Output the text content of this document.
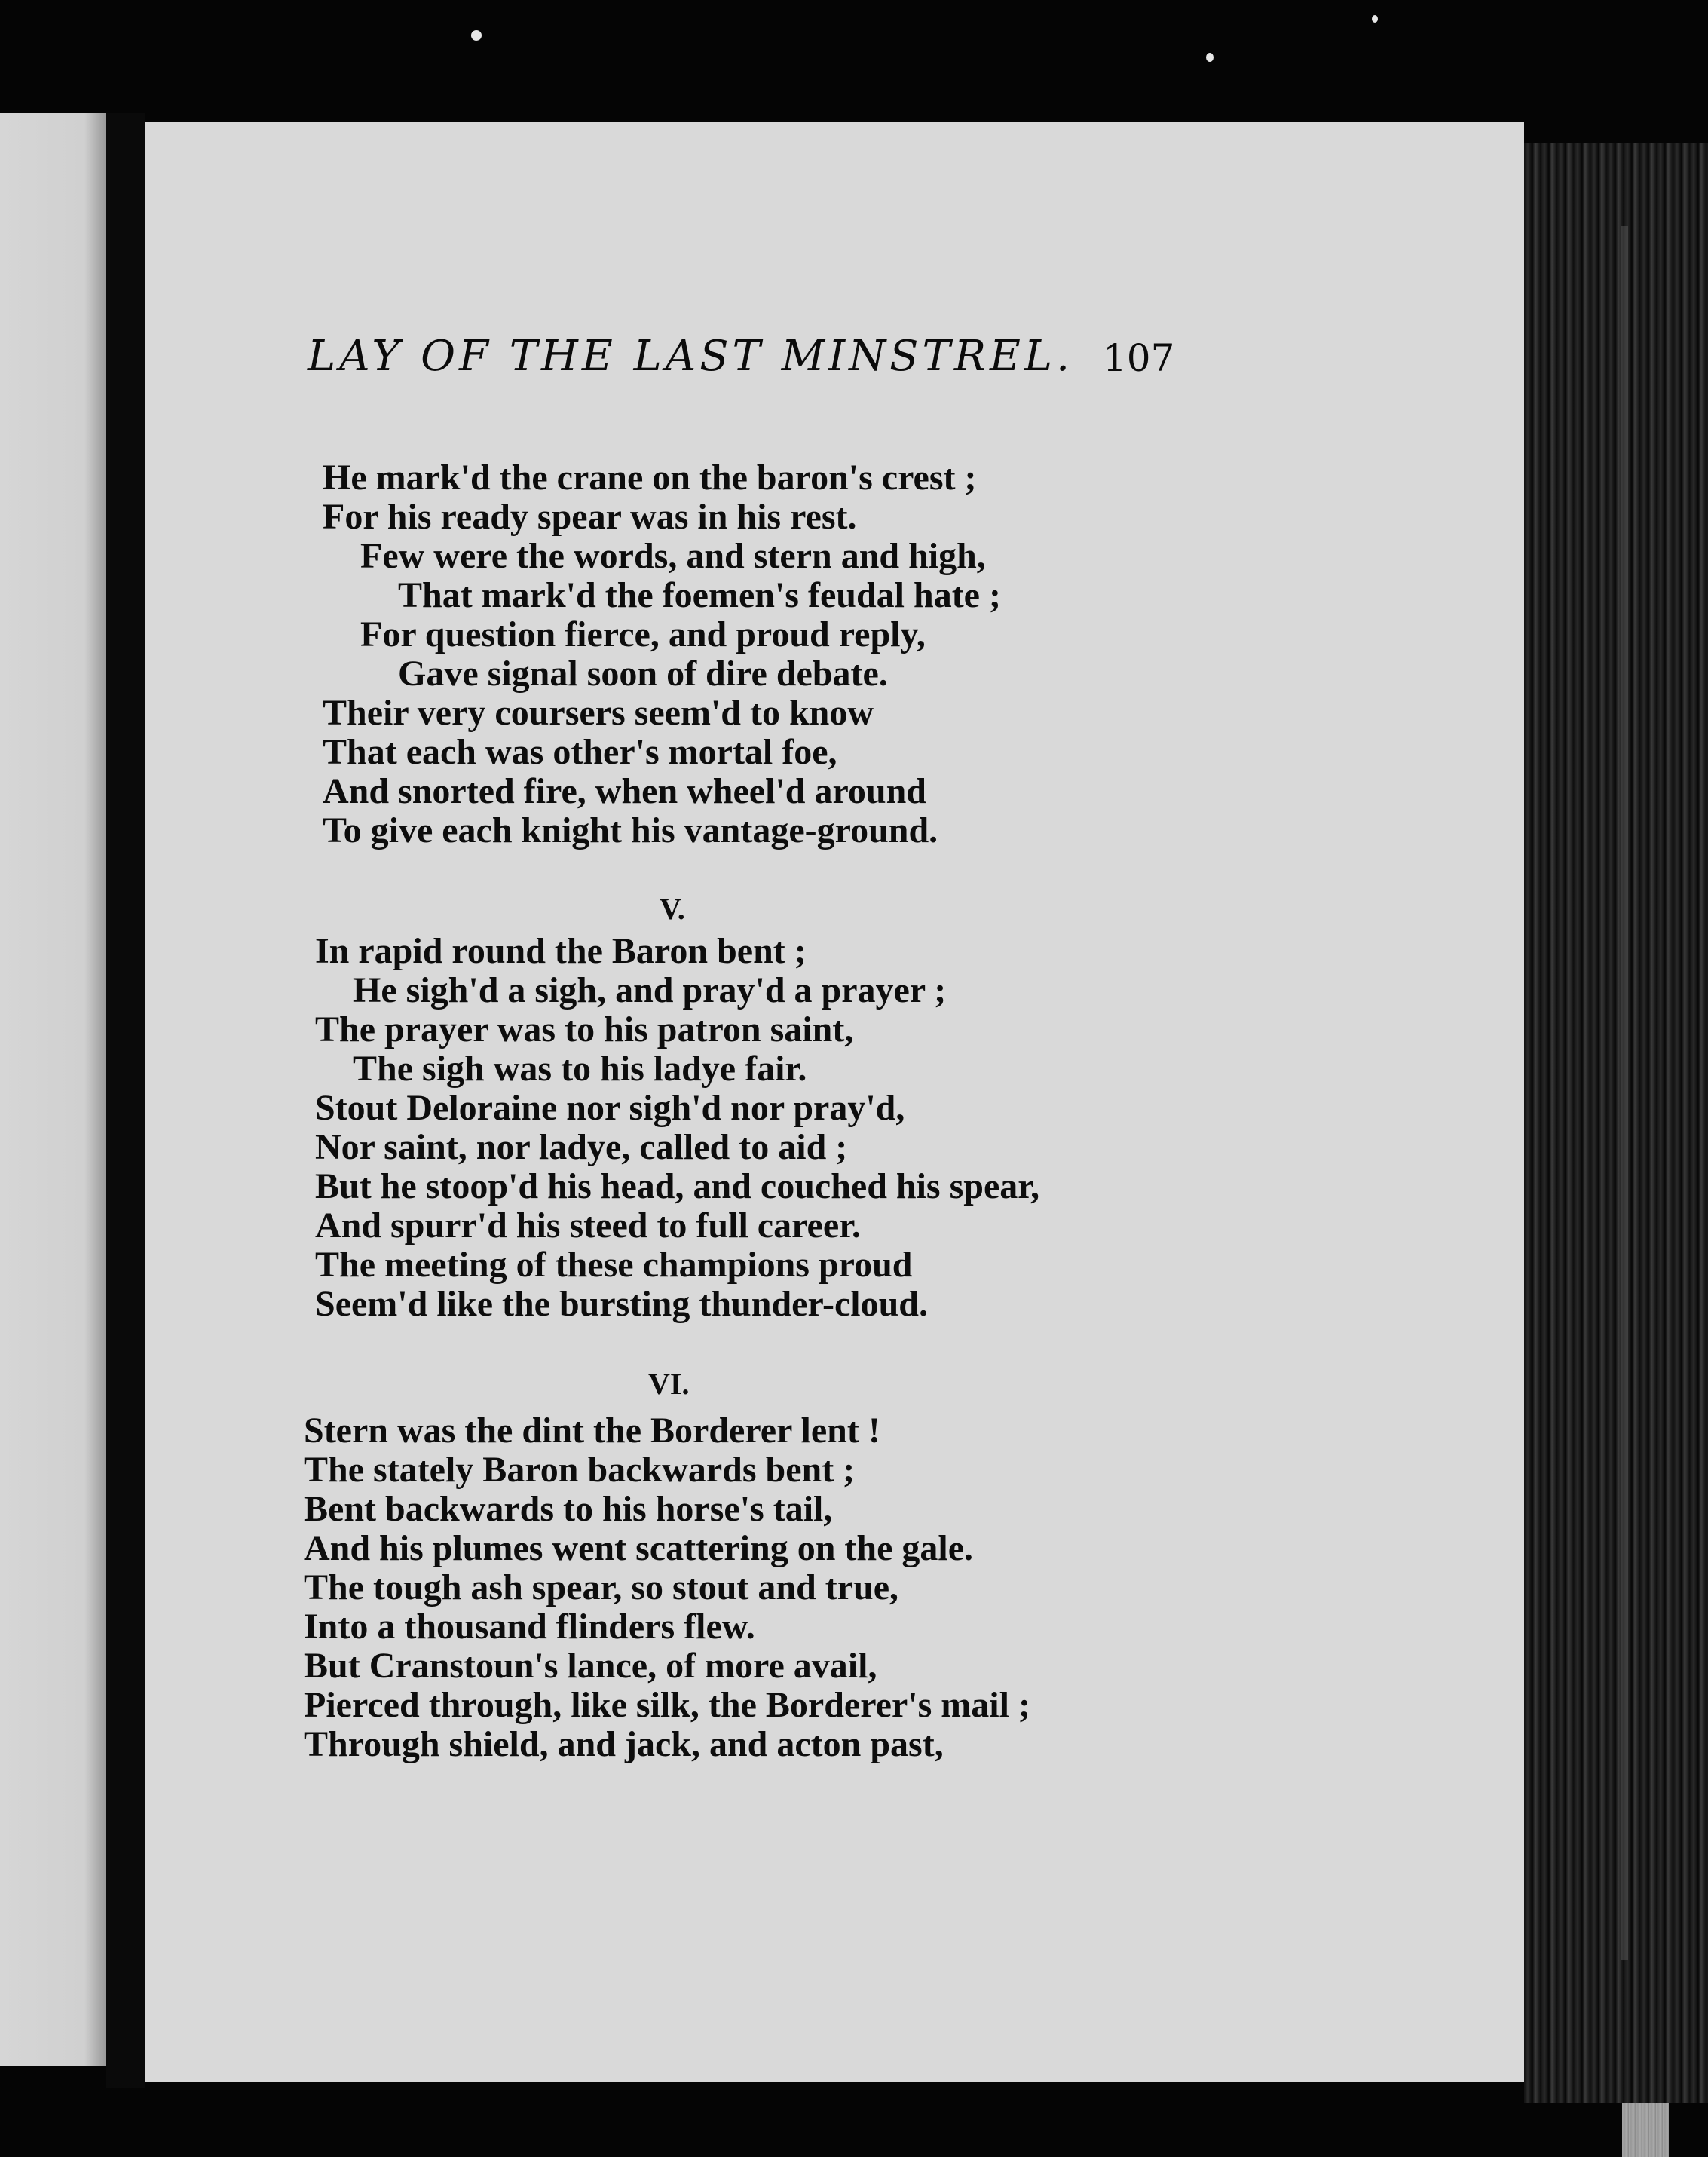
LAY OF THE LAST MINSTREL. 107
He mark'd the crane on the baron's crest ;
For his ready spear was in his rest.
Few were the words, and stern and high,
That mark'd the foemen's feudal hate ;
For question fierce, and proud reply,
Gave signal soon of dire debate.
Their very coursers seem'd to know
That each was other's mortal foe,
And snorted fire, when wheel'd around
To give each knight his vantage-ground.
V.
In rapid round the Baron bent ;
He sigh'd a sigh, and pray'd a prayer ;
The prayer was to his patron saint,
The sigh was to his ladye fair.
Stout Deloraine nor sigh'd nor pray'd,
Nor saint, nor ladye, called to aid ;
But he stoop'd his head, and couched his spear,
And spurr'd his steed to full career.
The meeting of these champions proud
Seem'd like the bursting thunder-cloud.
VI.
Stern was the dint the Borderer lent !
The stately Baron backwards bent ;
Bent backwards to his horse's tail,
And his plumes went scattering on the gale.
The tough ash spear, so stout and true,
Into a thousand flinders flew.
But Cranstoun's lance, of more avail,
Pierced through, like silk, the Borderer's mail ;
Through shield, and jack, and acton past,
